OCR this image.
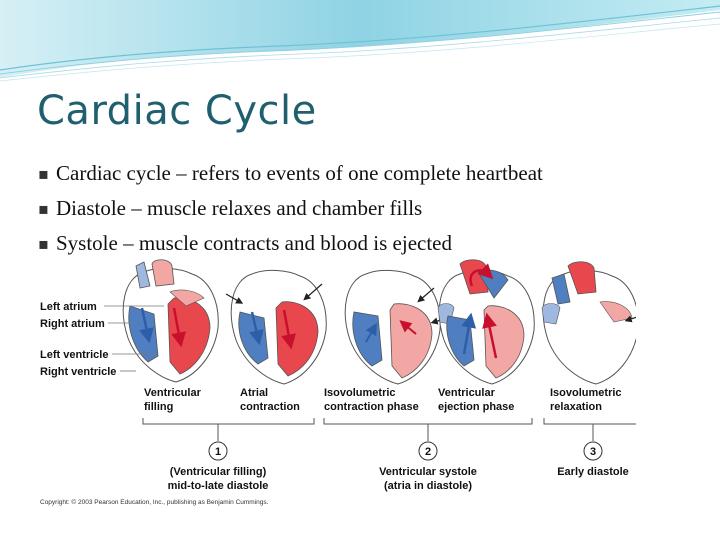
Cardiac Cycle
▪ Cardiac cycle – refers to events of one complete heartbeat
▪ Diastole – muscle relaxes and chamber fills
▪ Systole – muscle contracts and blood is ejected
Left atrium
Right atrium
Left ventricle
Right ventricle
Ventricular
filling
Atrial
contraction
Isovolumetric
contraction phase
Ventricular
ejection phase
Isovolumetric
relaxation
1	2	3
(Ventricular filling)
mid-to-late diastole
Ventricular systole
(atria in diastole)
Early diastole
Copyright: © 2003 Pearson Education, Inc., publishing as Benjamin Cummings.
